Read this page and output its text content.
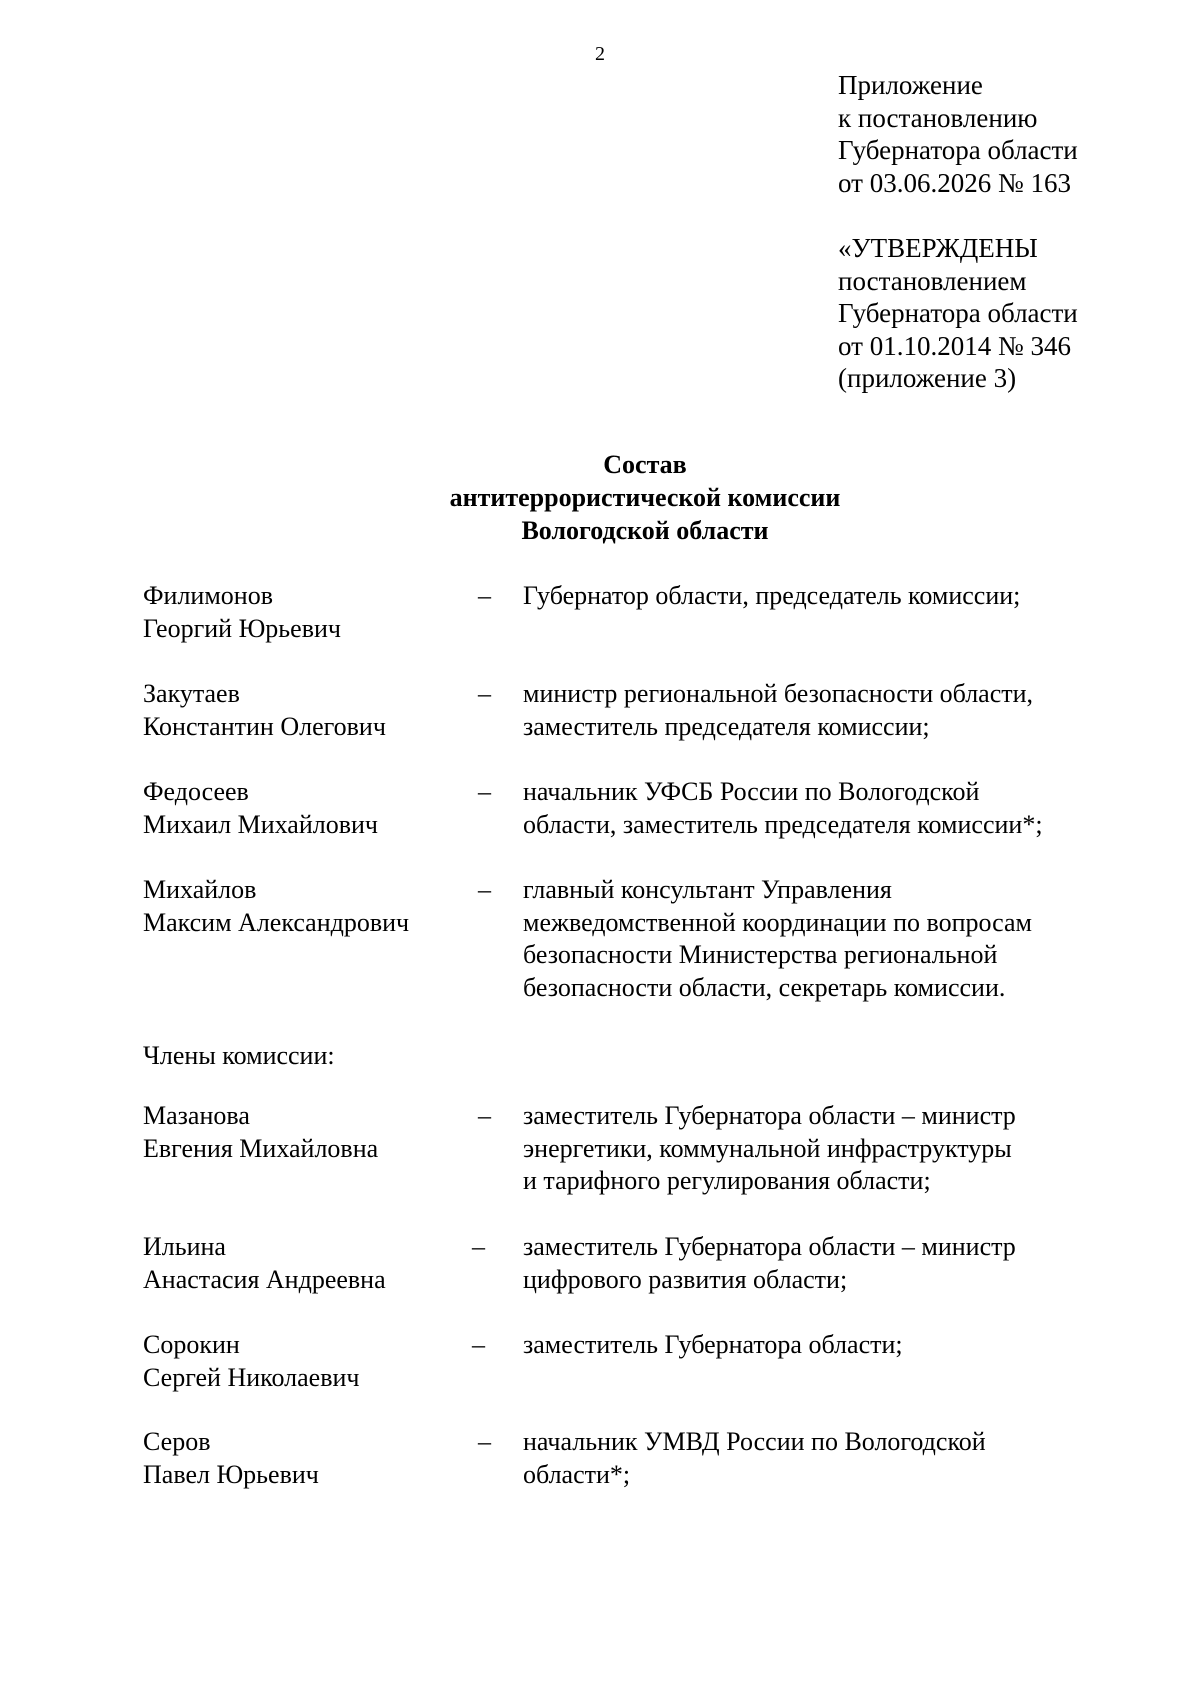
2
Приложение
к постановлению
Губернатора области
от 03.06.2026 № 163
«УТВЕРЖДЕНЫ
постановлением
Губернатора области
от 01.10.2014 № 346
(приложение 3)
Состав
антитеррористической комиссии
Вологодской области
Филимонов
Георгий Юрьевич
– Губернатор области, председатель комиссии;
Закутаев
Константин Олегович
– министр региональной безопасности области,
заместитель председателя комиссии;
Федосеев
Михаил Михайлович
– начальник УФСБ России по Вологодской
области, заместитель председателя комиссии*;
Михайлов
Максим Александрович
– главный консультант Управления
межведомственной координации по вопросам
безопасности Министерства региональной
безопасности области, секретарь комиссии.
Члены комиссии:
Мазанова
Евгения Михайловна
– заместитель Губернатора области – министр
энергетики, коммунальной инфраструктуры
и тарифного регулирования области;
Ильина
Анастасия Андреевна
– заместитель Губернатора области – министр
цифрового развития области;
Сорокин
Сергей Николаевич
– заместитель Губернатора области;
Серов
Павел Юрьевич
– начальник УМВД России по Вологодской
области*;
